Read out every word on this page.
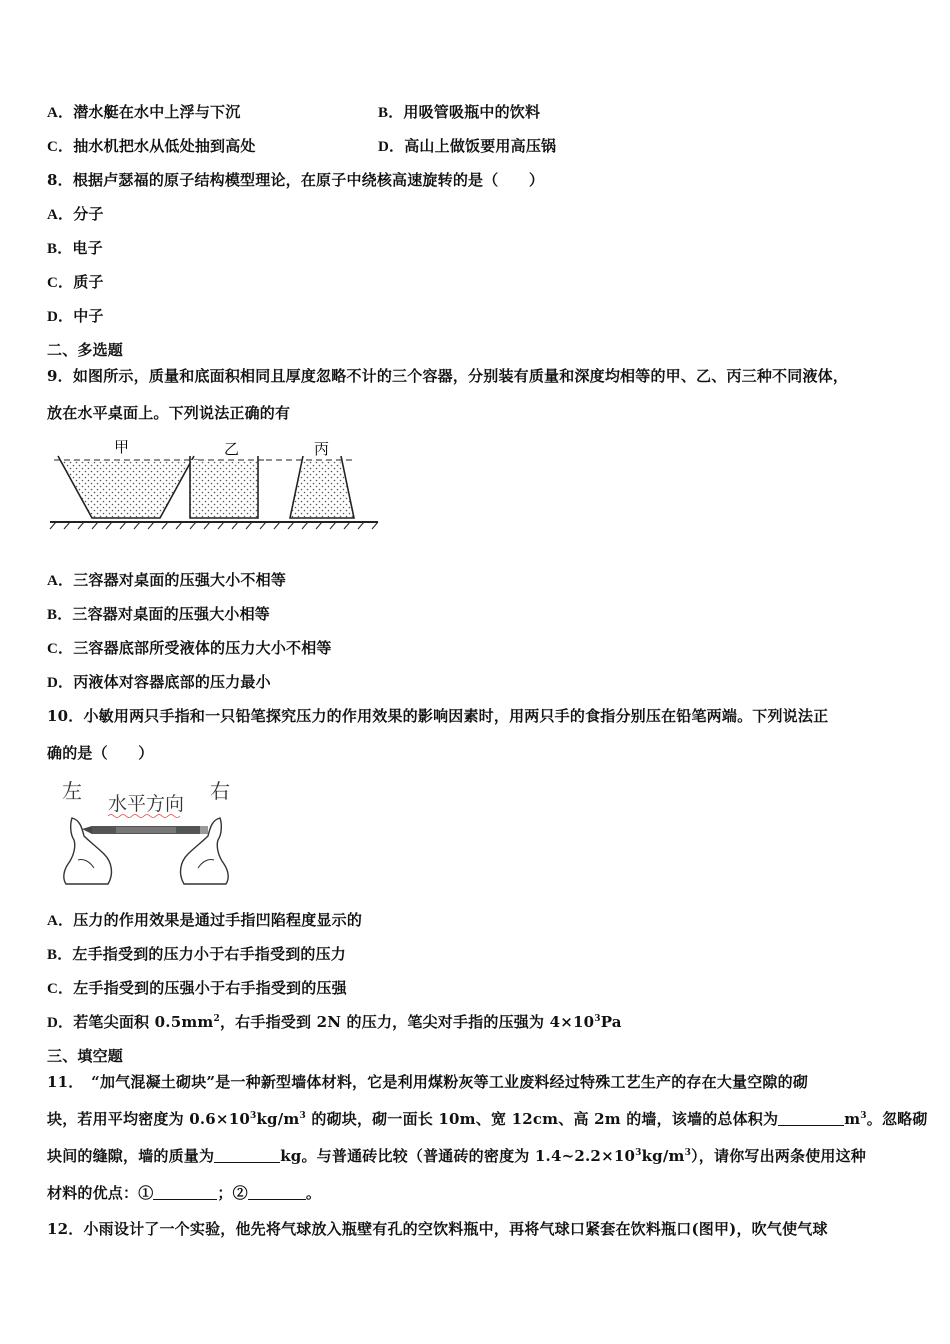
A．潜水艇在水中上浮与下沉	B．用吸管吸瓶中的饮料
C．抽水机把水从低处抽到高处	D．高山上做饭要用高压锅
8．根据卢瑟福的原子结构模型理论，在原子中绕核高速旋转的是（　　）
A．分子
B．电子
C．质子
D．中子
二、多选题
9．如图所示，质量和底面积相同且厚度忽略不计的三个容器，分别装有质量和深度均相等的甲、乙、丙三种不同液体，
放在水平桌面上。下列说法正确的有
甲	乙	丙
A．三容器对桌面的压强大小不相等
B．三容器对桌面的压强大小相等
C．三容器底部所受液体的压力大小不相等
D．丙液体对容器底部的压力最小
10．小敏用两只手指和一只铅笔探究压力的作用效果的影响因素时，用两只手的食指分别压在铅笔两端。下列说法正
确的是（　　）
左	右
水平方向
A．压力的作用效果是通过手指凹陷程度显示的
B．左手指受到的压力小于右手指受到的压力
C．左手指受到的压强小于右手指受到的压强
D．若笔尖面积 $0.5mm^2$，右手指受到 2N 的压力，笔尖对手指的压强为 $4\times 10^3Pa$
三、填空题
11．　“加气混凝土砌块”是一种新型墙体材料，它是利用煤粉灰等工业废料经过特殊工艺生产的存在大量空隙的砌
块，若用平均密度为 $0.6\times 10^3kg/m^3$ 的砌块，砌一面长 10m、宽 12cm、高 2m 的墙，该墙的总体积为	$m^3$。忽略砌
块间的缝隙，墙的质量为	kg。与普通砖比较（普通砖的密度为 $1.4\sim 2.2\times 10^3kg/m^3$），请你写出两条使用这种
材料的优点：①	；②	。
12．小雨设计了一个实验，他先将气球放入瓶壁有孔的空饮料瓶中，再将气球口紧套在饮料瓶口(图甲)，吹气使气球
